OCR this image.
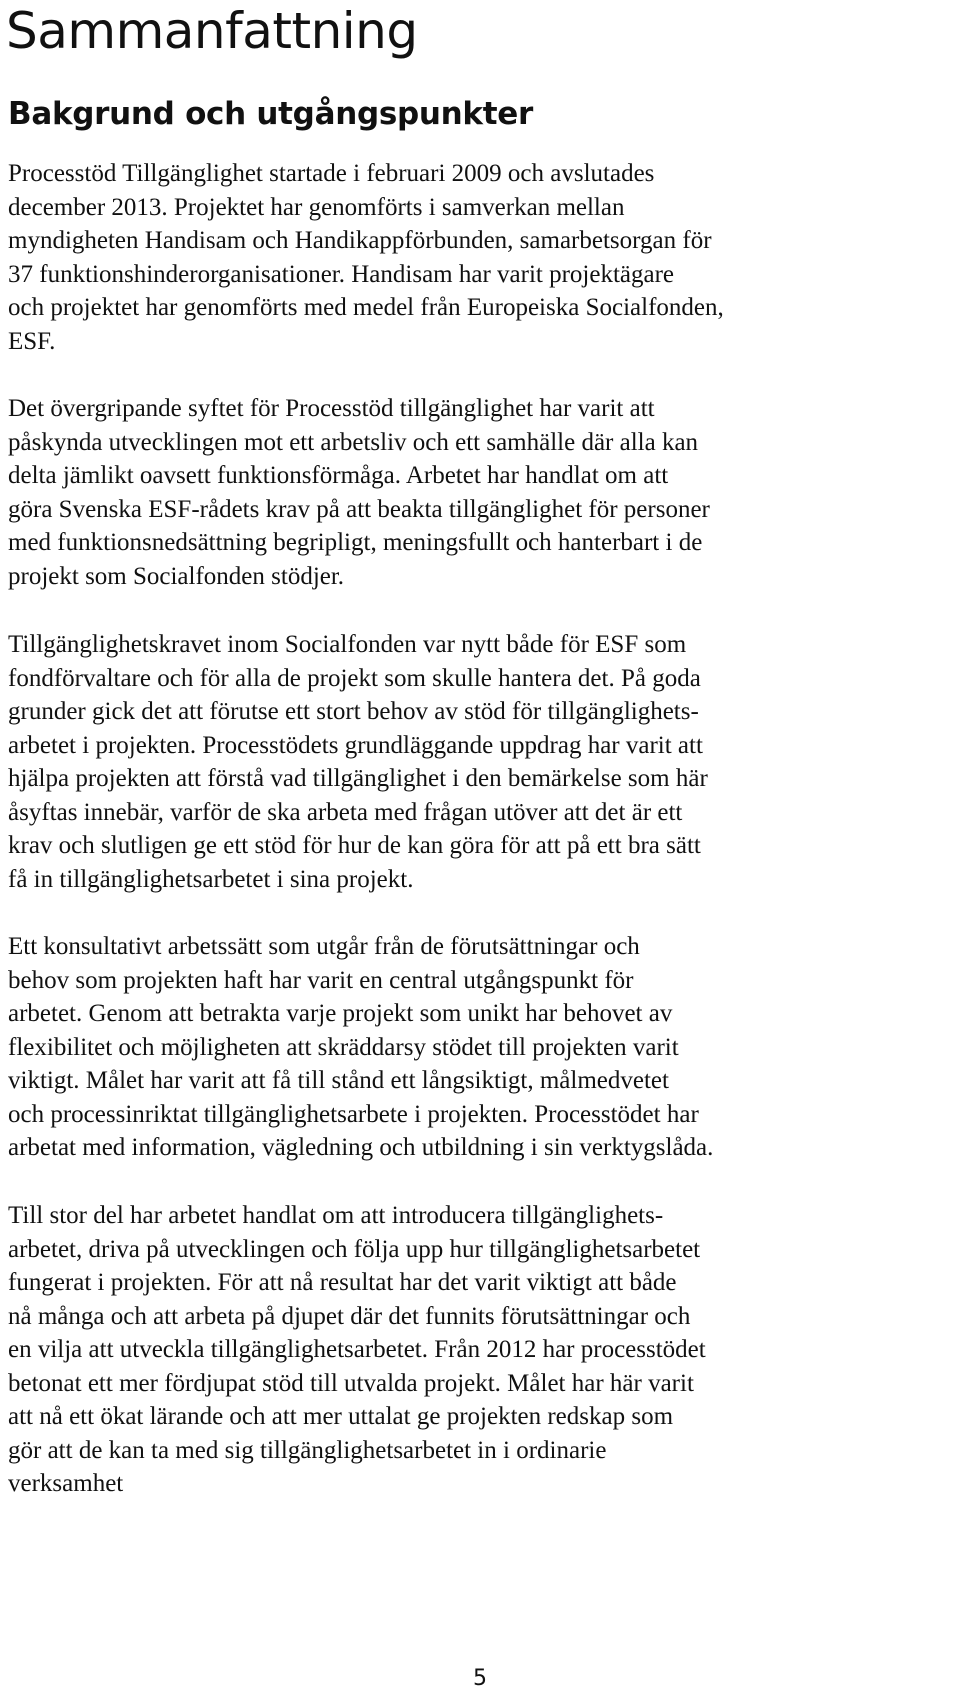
Sammanfattning
Bakgrund och utgångspunkter

Processtöd Tillgänglighet startade i februari 2009 och avslutades
december 2013. Projektet har genomförts i samverkan mellan
myndigheten Handisam och Handikappförbunden, samarbetsorgan för
37 funktionshinderorganisationer. Handisam har varit projektägare
och projektet har genomförts med medel från Europeiska Socialfonden,
ESF.

Det övergripande syftet för Processtöd tillgänglighet har varit att
påskynda utvecklingen mot ett arbetsliv och ett samhälle där alla kan
delta jämlikt oavsett funktionsförmåga. Arbetet har handlat om att
göra Svenska ESF-rådets krav på att beakta tillgänglighet för personer
med funktionsnedsättning begripligt, meningsfullt och hanterbart i de
projekt som Socialfonden stödjer.

Tillgänglighetskravet inom Socialfonden var nytt både för ESF som
fondförvaltare och för alla de projekt som skulle hantera det. På goda
grunder gick det att förutse ett stort behov av stöd för tillgänglighets-
arbetet i projekten. Processtödets grundläggande uppdrag har varit att
hjälpa projekten att förstå vad tillgänglighet i den bemärkelse som här
åsyftas innebär, varför de ska arbeta med frågan utöver att det är ett
krav och slutligen ge ett stöd för hur de kan göra för att på ett bra sätt
få in tillgänglighetsarbetet i sina projekt.

Ett konsultativt arbetssätt som utgår från de förutsättningar och
behov som projekten haft har varit en central utgångspunkt för
arbetet. Genom att betrakta varje projekt som unikt har behovet av
flexibilitet och möjligheten att skräddarsy stödet till projekten varit
viktigt. Målet har varit att få till stånd ett långsiktigt, målmedvetet
och processinriktat tillgänglighetsarbete i projekten. Processtödet har
arbetat med information, vägledning och utbildning i sin verktygslåda.

Till stor del har arbetet handlat om att introducera tillgänglighets-
arbetet, driva på utvecklingen och följa upp hur tillgänglighetsarbetet
fungerat i projekten. För att nå resultat har det varit viktigt att både
nå många och att arbeta på djupet där det funnits förutsättningar och
en vilja att utveckla tillgänglighetsarbetet. Från 2012 har processtödet
betonat ett mer fördjupat stöd till utvalda projekt. Målet har här varit
att nå ett ökat lärande och att mer uttalat ge projekten redskap som
gör att de kan ta med sig tillgänglighetsarbetet in i ordinarie
verksamhet

5
